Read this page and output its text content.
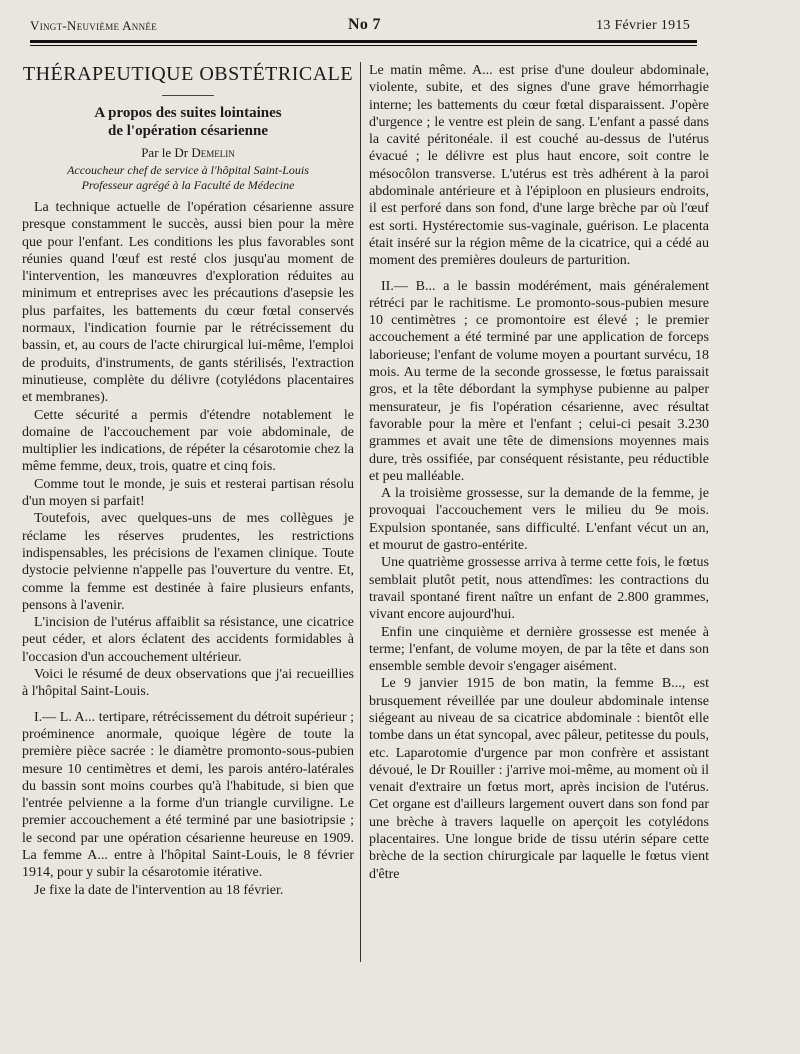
Vingt-Neuvième Année	No 7	13 Février 1915
THÉRAPEUTIQUE OBSTÉTRICALE
A propos des suites lointaines
de l'opération césarienne
Par le Dr Demelin
Accoucheur chef de service à l'hôpital Saint-Louis
Professeur agrégé à la Faculté de Médecine

La technique actuelle de l'opération césarienne assure presque constamment le succès, aussi bien pour la mère que pour l'enfant. Les conditions les plus favorables sont réunies quand l'œuf est resté clos jusqu'au moment de l'intervention, les manœuvres d'exploration réduites au minimum et entreprises avec les précautions d'asepsie les plus parfaites, les battements du cœur fœtal conservés normaux, l'indication fournie par le rétrécissement du bassin, et, au cours de l'acte chirurgical lui-même, l'emploi de produits, d'instruments, de gants stérilisés, l'extraction minutieuse, complète du délivre (cotylédons placentaires et membranes).

Cette sécurité a permis d'étendre notablement le domaine de l'accouchement par voie abdominale, de multiplier les indications, de répéter la césarotomie chez la même femme, deux, trois, quatre et cinq fois.

Comme tout le monde, je suis et resterai partisan résolu d'un moyen si parfait!

Toutefois, avec quelques-uns de mes collègues je réclame les réserves prudentes, les restrictions indispensables, les précisions de l'examen clinique. Toute dystocie pelvienne n'appelle pas l'ouverture du ventre. Et, comme la femme est destinée à faire plusieurs enfants, pensons à l'avenir.

L'incision de l'utérus affaiblit sa résistance, une cicatrice peut céder, et alors éclatent des accidents formidables à l'occasion d'un accouchement ultérieur.

Voici le résumé de deux observations que j'ai recueillies à l'hôpital Saint-Louis.

I.— L. A... tertipare, rétrécissement du détroit supérieur ; proéminence anormale, quoique légère de toute la première pièce sacrée : le diamètre promonto-sous-pubien mesure 10 centimètres et demi, les parois antéro-latérales du bassin sont moins courbes qu'à l'habitude, si bien que l'entrée pelvienne a la forme d'un triangle curviligne. Le premier accouchement a été terminé par une basiotripsie ; le second par une opération césarienne heureuse en 1909. La femme A... entre à l'hôpital Saint-Louis, le 8 février 1914, pour y subir la césarotomie itérative.

Je fixe la date de l'intervention au 18 février.

Le matin même. A... est prise d'une douleur abdominale, violente, subite, et des signes d'une grave hémorrhagie interne; les battements du cœur fœtal disparaissent. J'opère d'urgence ; le ventre est plein de sang. L'enfant a passé dans la cavité péritonéale. il est couché au-dessus de l'utérus évacué ; le délivre est plus haut encore, soit contre le mésocôlon transverse. L'utérus est très adhérent à la paroi abdominale antérieure et à l'épiploon en plusieurs endroits, il est perforé dans son fond, d'une large brèche par où l'œuf est sorti. Hystérectomie sus-vaginale, guérison. Le placenta était inséré sur la région même de la cicatrice, qui a cédé au moment des premières douleurs de parturition.

II.— B... a le bassin modérément, mais généralement rétréci par le rachitisme. Le promonto-sous-pubien mesure 10 centimètres ; ce promontoire est élevé ; le premier accouchement a été terminé par une application de forceps laborieuse; l'enfant de volume moyen a pourtant survécu, 18 mois. Au terme de la seconde grossesse, le fœtus paraissait gros, et la tête débordant la symphyse pubienne au palper mensurateur, je fis l'opération césarienne, avec résultat favorable pour la mère et l'enfant ; celui-ci pesait 3.230 grammes et avait une tête de dimensions moyennes mais dure, très ossifiée, par conséquent résistante, peu réductible et peu malléable.

A la troisième grossesse, sur la demande de la femme, je provoquai l'accouchement vers le milieu du 9e mois. Expulsion spontanée, sans difficulté. L'enfant vécut un an, et mourut de gastro-entérite.

Une quatrième grossesse arriva à terme cette fois, le fœtus semblait plutôt petit, nous attendîmes: les contractions du travail spontané firent naître un enfant de 2.800 grammes, vivant encore aujourd'hui.

Enfin une cinquième et dernière grossesse est menée à terme; l'enfant, de volume moyen, de par la tête et dans son ensemble semble devoir s'engager aisément.

Le 9 janvier 1915 de bon matin, la femme B..., est brusquement réveillée par une douleur abdominale intense siégeant au niveau de sa cicatrice abdominale : bientôt elle tombe dans un état syncopal, avec pâleur, petitesse du pouls, etc. Laparotomie d'urgence par mon confrère et assistant dévoué, le Dr Rouiller : j'arrive moi-même, au moment où il venait d'extraire un fœtus mort, après incision de l'utérus. Cet organe est d'ailleurs largement ouvert dans son fond par une brèche à travers laquelle on aperçoit les cotylédons placentaires. Une longue bride de tissu utérin sépare cette brèche de la section chirurgicale par laquelle le fœtus vient d'être
